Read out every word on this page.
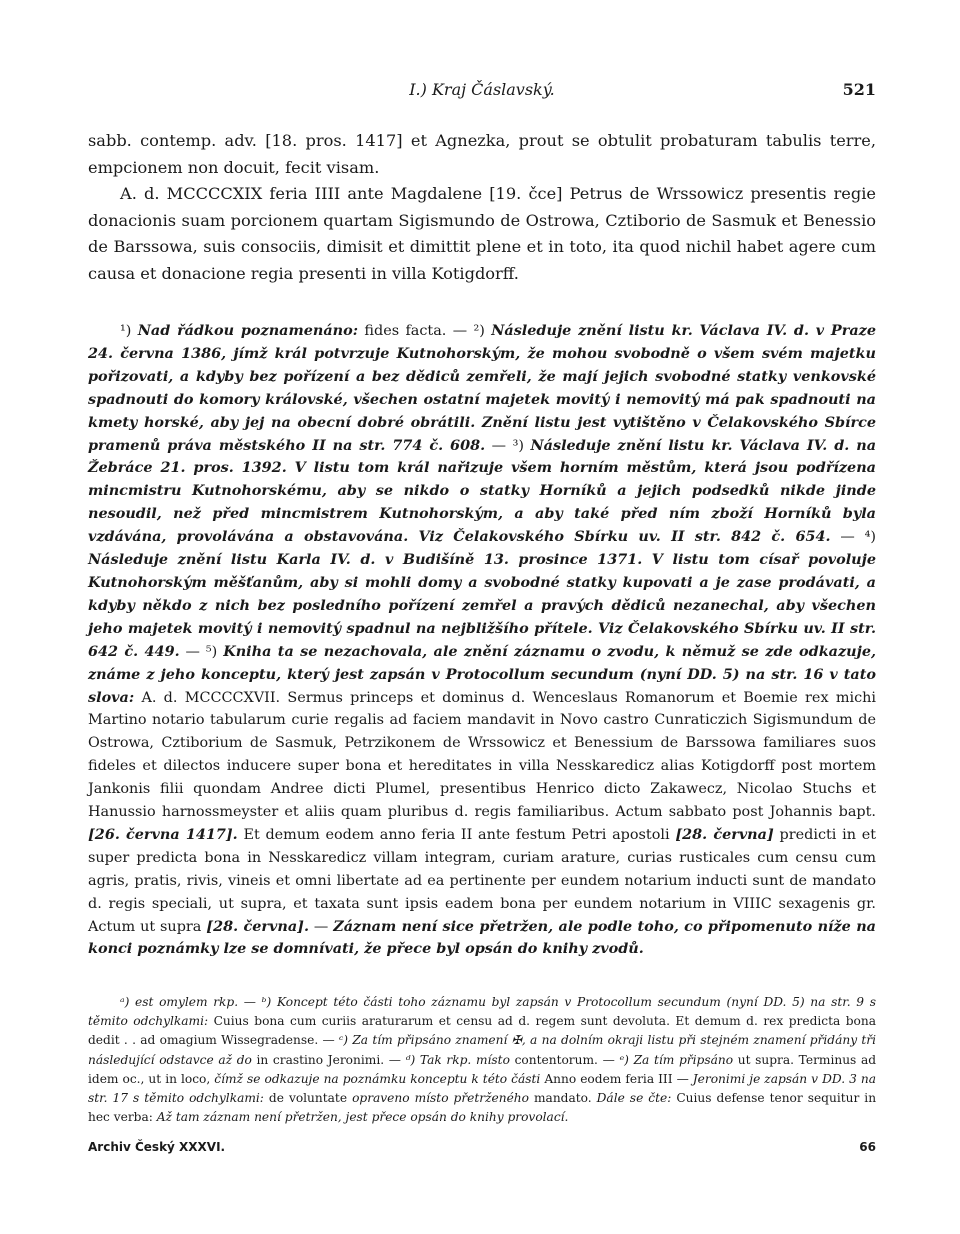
I.) Kraj Čáslavský.	521

sabb. contemp. adv. [18. pros. 1417] et Agnezka, prout se obtulit probaturam tabulis terre, empcionem non docuit, fecit visam.

A. d. MCCCCXIX feria IIII ante Magdalene [19. čce] Petrus de Wrssowicz presentis regie donacionis suam porcionem quartam Sigismundo de Ostrowa, Cztiborio de Sasmuk et Benessio de Barssowa, suis consociis, dimisit et dimittit plene et in toto, ita quod nichil habet agere cum causa et donacione regia presenti in villa Kotigdorff.

¹) Nad řádkou poznamenáno: fides facta. — ²) Následuje znění listu kr. Václava IV. d. v Praze 24. června 1386, jímž král potvrzuje Kutnohorským, že mohou svobodně o všem svém majetku pořizovati, a kdyby bez pořízení a bez dědiců zemřeli, že mají jejich svobodné statky venkovské spadnouti do komory královské, všechen ostatní majetek movitý i nemovitý má pak spadnouti na kmety horské, aby jej na obecní dobré obrátili. Znění listu jest vytištěno v Čelakovského Sbírce pramenů práva městského II na str. 774 č. 608. — ³) Následuje znění listu kr. Václava IV. d. na Žebráce 21. pros. 1392. V listu tom král nařizuje všem horním městům, která jsou podřízena mincmistru Kutnohorskému, aby se nikdo o statky Horníků a jejich podsedků nikde jinde nesoudil, než před mincmistrem Kutnohorským, a aby také před ním zboží Horníků byla vzdávána, provolávána a obstavována. Viz Čelakovského Sbírku uv. II str. 842 č. 654. — ⁴) Následuje znění listu Karla IV. d. v Budišíně 13. prosince 1371. V listu tom císař povoluje Kutnohorským měšťanům, aby si mohli domy a svobodné statky kupovati a je zase prodávati, a kdyby někdo z nich bez posledního pořízení zemřel a pravých dědiců nezanechal, aby všechen jeho majetek movitý i nemovitý spadnul na nejbližšího přítele. Viz Čelakovského Sbírku uv. II str. 642 č. 449. — ⁵) Kniha ta se nezachovala, ale znění záznamu o zvodu, k němuž se zde odkazuje, známe z jeho konceptu, který jest zapsán v Protocollum secundum (nyní DD. 5) na str. 16 v tato slova: A. d. MCCCCXVII. Sermus princeps et dominus d. Wenceslaus Romanorum et Boemie rex michi Martino notario tabularum curie regalis ad faciem mandavit in Novo castro Cunraticzich Sigismundum de Ostrowa, Cztiborium de Sasmuk, Petrzikonem de Wrssowicz et Benessium de Barssowa familiares suos fideles et dilectos inducere super bona et hereditates in villa Nesskaredicz alias Kotigdorff post mortem Jankonis filii quondam Andree dicti Plumel, presentibus Henrico dicto Zakawecz, Nicolao Stuchs et Hanussio harnossmeyster et aliis quam pluribus d. regis familiaribus. Actum sabbato post Johannis bapt. [26. června 1417]. Et demum eodem anno feria II ante festum Petri apostoli [28. června] predicti in et super predicta bona in Nesskaredicz villam integram, curiam arature, curias rusticales cum censu cum agris, pratis, rivis, vineis et omni libertate ad ea pertinente per eundem notarium inducti sunt de mandato d. regis speciali, ut supra, et taxata sunt ipsis eadem bona per eundem notarium in VIIIC sexagenis gr. Actum ut supra [28. června]. — Záznam není sice přetržen, ale podle toho, co připomenuto níže na konci poznámky lze se domnívati, že přece byl opsán do knihy zvodů.
ᵃ) est omylem rkp. — ᵇ) Koncept této části toho záznamu byl zapsán v Protocollum secundum (nyní DD. 5) na str. 9 s těmito odchylkami: Cuius bona cum curiis araturarum et censu ad d. regem sunt devoluta. Et demum d. rex predicta bona dedit . . ad omagium Wissegradense. — ᶜ) Za tím připsáno znamení ✠, a na dolním okraji listu při stejném znamení přidány tři následující odstavce až do in crastino Jeronimi. — ᵈ) Tak rkp. místo contentorum. — ᵉ) Za tím připsáno ut supra. Terminus ad idem oc., ut in loco, čímž se odkazuje na poznámku konceptu k této části Anno eodem feria III — Jeronimi je zapsán v DD. 3 na str. 17 s těmito odchylkami: de voluntate opraveno místo přetrženého mandato. Dále se čte: Cuius defense tenor sequitur in hec verba: Až tam záznam není přetržen, jest přece opsán do knihy provolací.
Archiv Český XXXVI.	66
